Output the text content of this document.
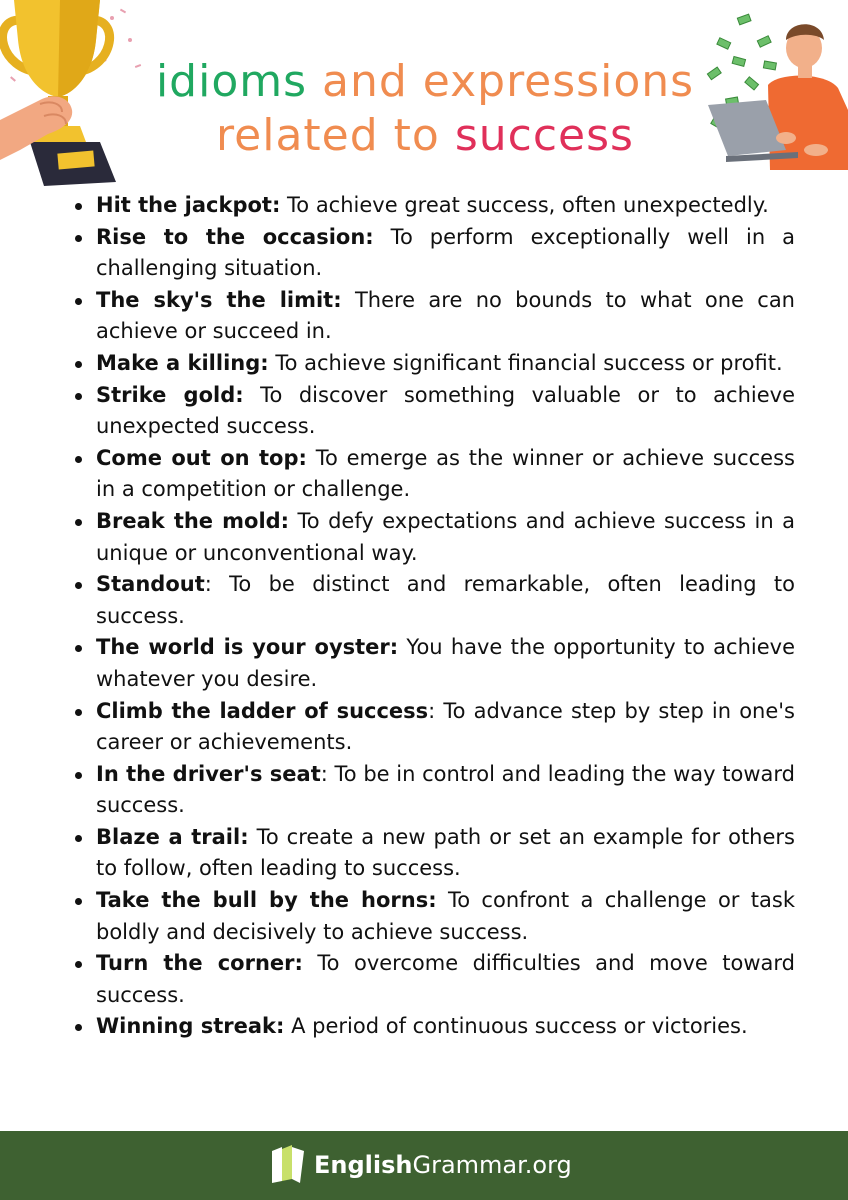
idioms and expressions
related to success
Hit the jackpot: To achieve great success, often unexpectedly.
Rise to the occasion: To perform exceptionally well in a challenging situation.
The sky's the limit: There are no bounds to what one can achieve or succeed in.
Make a killing: To achieve significant financial success or profit.
Strike gold: To discover something valuable or to achieve unexpected success.
Come out on top: To emerge as the winner or achieve success in a competition or challenge.
Break the mold: To defy expectations and achieve success in a unique or unconventional way.
Standout: To be distinct and remarkable, often leading to success.
The world is your oyster: You have the opportunity to achieve whatever you desire.
Climb the ladder of success: To advance step by step in one's career or achievements.
In the driver's seat: To be in control and leading the way toward success.
Blaze a trail: To create a new path or set an example for others to follow, often leading to success.
Take the bull by the horns: To confront a challenge or task boldly and decisively to achieve success.
Turn the corner: To overcome difficulties and move toward success.
Winning streak: A period of continuous success or victories.
EnglishGrammar.org
